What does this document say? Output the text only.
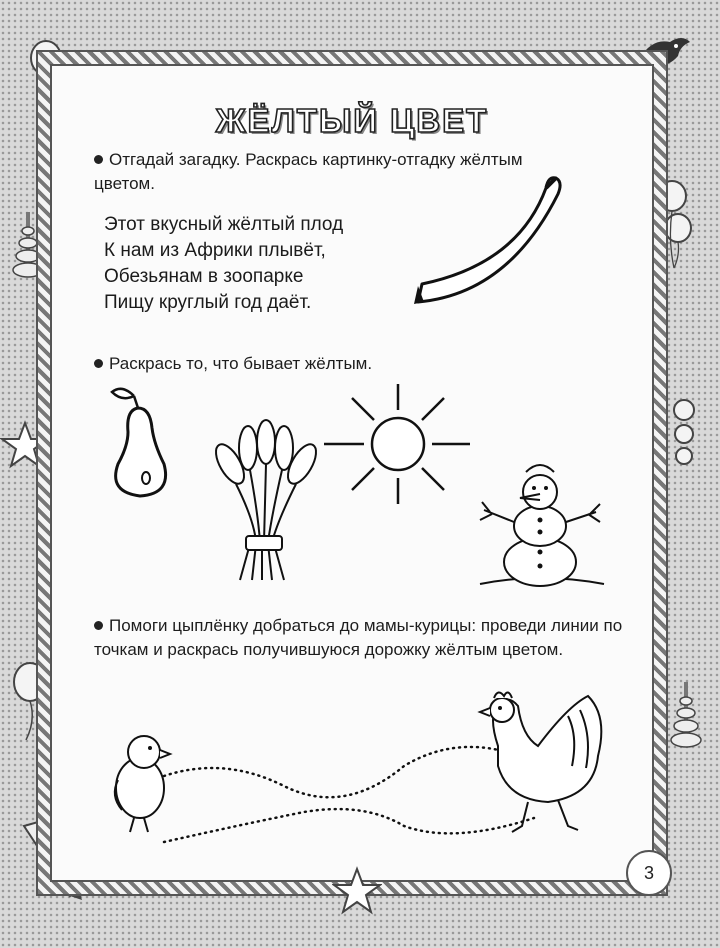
ЖЁЛТЫЙ ЦВЕТ
Отгадай загадку. Раскрась картинку-отгадку жёлтым цветом.
Этот вкусный жёлтый плод
К нам из Африки плывёт,
Обезьянам в зоопарке
Пищу круглый год даёт.
Раскрась то, что бывает жёлтым.
Помоги цыплёнку добраться до мамы-курицы: проведи линии по точкам и раскрась получившуюся дорожку жёлтым цветом.
3
